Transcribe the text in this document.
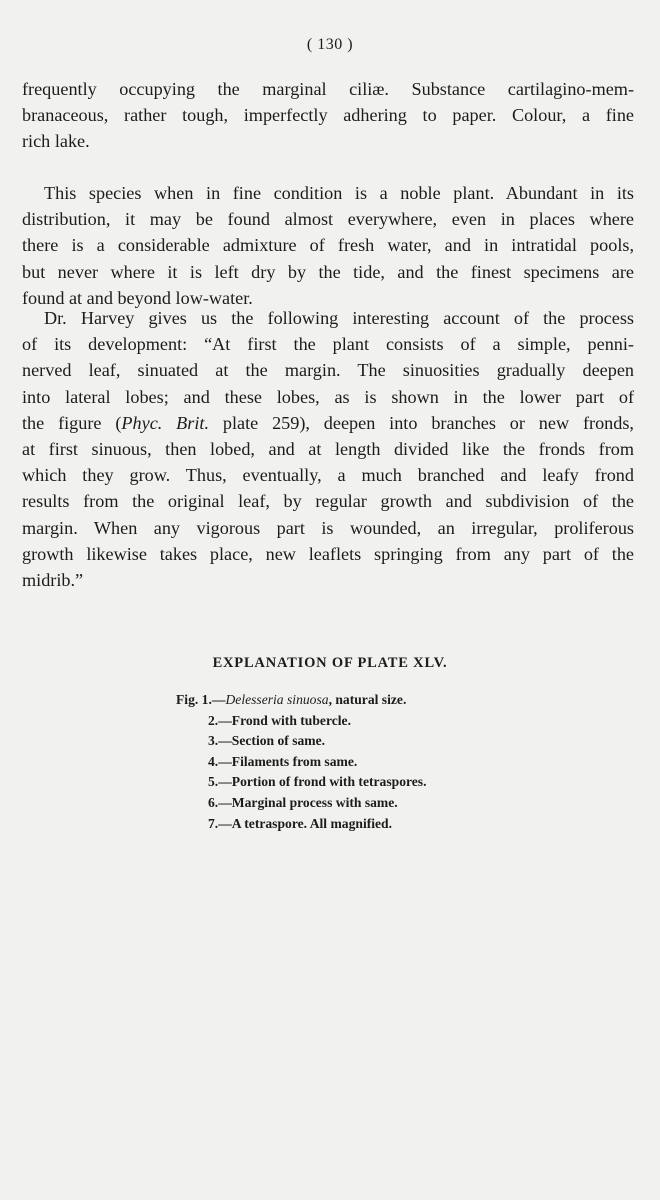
( 130 )
frequently occupying the marginal ciliæ. Substance cartilagino-mem-
branaceous, rather tough, imperfectly adhering to paper. Colour, a fine
rich lake.
This species when in fine condition is a noble plant. Abundant in its
distribution, it may be found almost everywhere, even in places where
there is a considerable admixture of fresh water, and in intratidal pools,
but never where it is left dry by the tide, and the finest specimens are
found at and beyond low-water.
Dr. Harvey gives us the following interesting account of the process
of its development: “At first the plant consists of a simple, penni-
nerved leaf, sinuated at the margin. The sinuosities gradually deepen
into lateral lobes; and these lobes, as is shown in the lower part of
the figure (Phyc. Brit. plate 259), deepen into branches or new fronds,
at first sinuous, then lobed, and at length divided like the fronds from
which they grow. Thus, eventually, a much branched and leafy frond
results from the original leaf, by regular growth and subdivision of the
margin. When any vigorous part is wounded, an irregular, proliferous
growth likewise takes place, new leaflets springing from any part of the
midrib.”
EXPLANATION OF PLATE XLV.
Fig. 1.—Delesseria sinuosa, natural size.
2.—Frond with tubercle.
3.—Section of same.
4.—Filaments from same.
5.—Portion of frond with tetraspores.
6.—Marginal process with same.
7.—A tetraspore. All magnified.
